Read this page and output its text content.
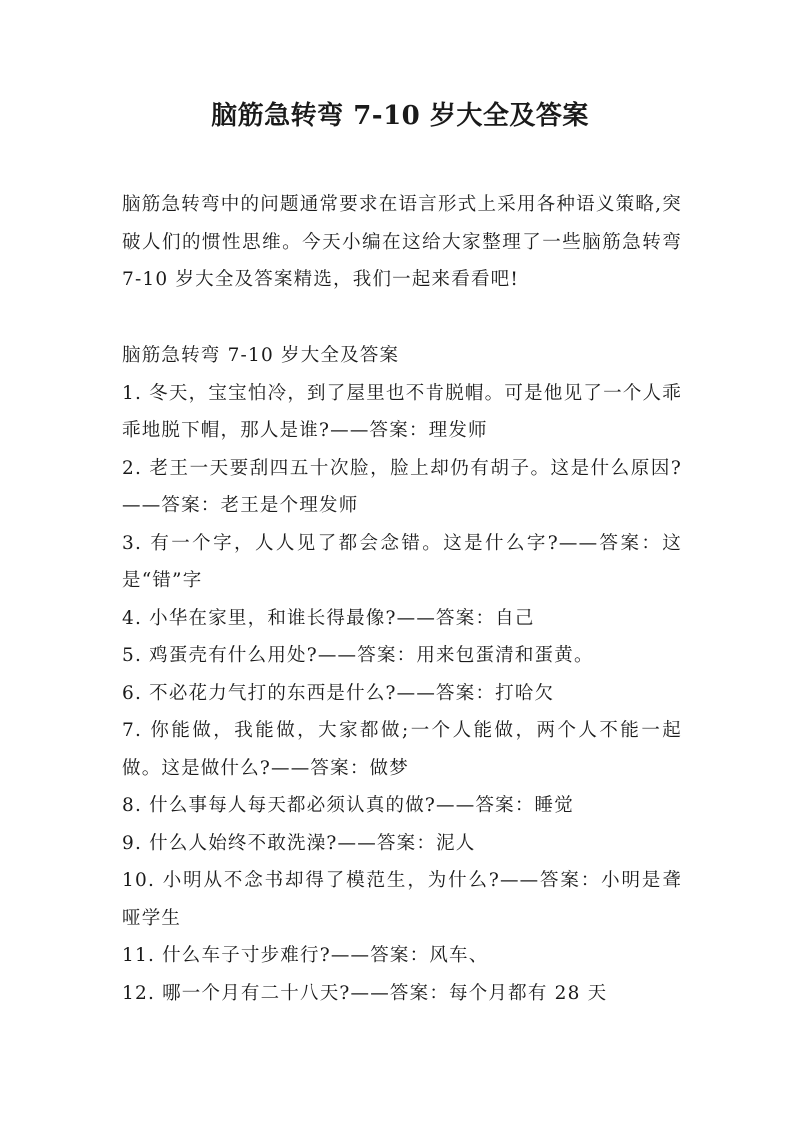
脑筋急转弯 7-10 岁大全及答案

脑筋急转弯中的问题通常要求在语言形式上采用各种语义策略,突破人们的惯性思维。今天小编在这给大家整理了一些脑筋急转弯 7-10 岁大全及答案精选，我们一起来看看吧!

脑筋急转弯 7-10 岁大全及答案
1. 冬天，宝宝怕冷，到了屋里也不肯脱帽。可是他见了一个人乖乖地脱下帽，那人是谁?——答案：理发师
2. 老王一天要刮四五十次脸，脸上却仍有胡子。这是什么原因?——答案：老王是个理发师
3. 有一个字，人人见了都会念错。这是什么字?——答案：这是“错”字
4. 小华在家里，和谁长得最像?——答案：自己
5. 鸡蛋壳有什么用处?——答案：用来包蛋清和蛋黄。
6. 不必花力气打的东西是什么?——答案：打哈欠
7. 你能做，我能做，大家都做;一个人能做，两个人不能一起做。这是做什么?——答案：做梦
8. 什么事每人每天都必须认真的做?——答案：睡觉
9. 什么人始终不敢洗澡?——答案：泥人
10. 小明从不念书却得了模范生，为什么?——答案：小明是聋哑学生
11. 什么车子寸步难行?——答案：风车、
12. 哪一个月有二十八天?——答案：每个月都有 28 天
